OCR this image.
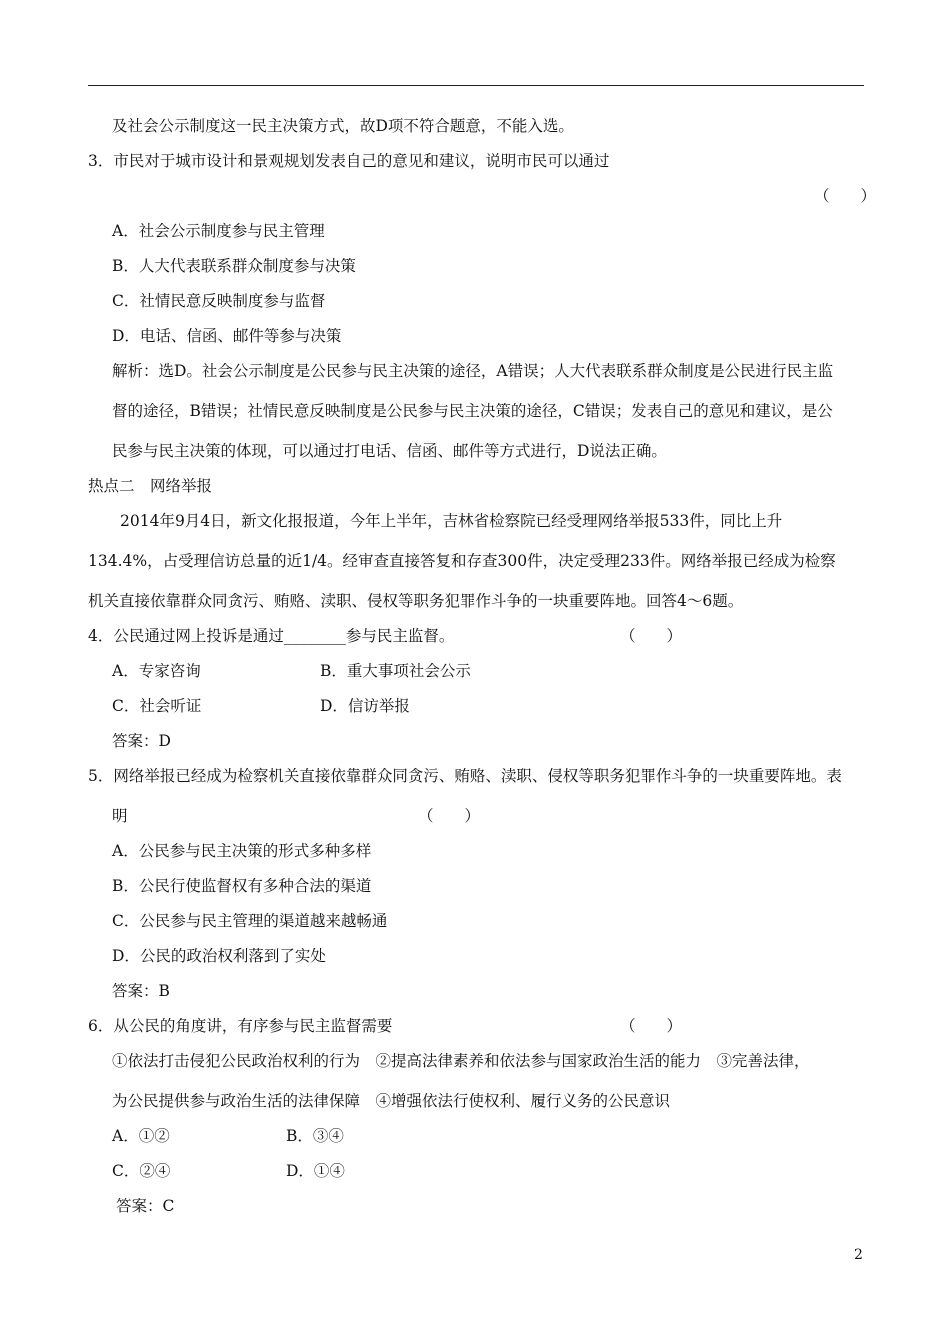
及社会公示制度这一民主决策方式，故D项不符合题意，不能入选。
3．市民对于城市设计和景观规划发表自己的意见和建议，说明市民可以通过
（　　）
A．社会公示制度参与民主管理
B．人大代表联系群众制度参与决策
C．社情民意反映制度参与监督
D．电话、信函、邮件等参与决策
解析：选D。社会公示制度是公民参与民主决策的途径，A错误；人大代表联系群众制度是公民进行民主监
督的途径，B错误；社情民意反映制度是公民参与民主决策的途径，C错误；发表自己的意见和建议，是公
民参与民主决策的体现，可以通过打电话、信函、邮件等方式进行，D说法正确。
热点二　网络举报
2014年9月4日，新文化报报道，今年上半年，吉林省检察院已经受理网络举报533件，同比上升
134.4%，占受理信访总量的近1/4。经审查直接答复和存查300件，决定受理233件。网络举报已经成为检察
机关直接依靠群众同贪污、贿赂、渎职、侵权等职务犯罪作斗争的一块重要阵地。回答4～6题。
4．公民通过网上投诉是通过________参与民主监督。	（　　）
A．专家咨询	B．重大事项社会公示
C．社会听证	D．信访举报
答案：D
5．网络举报已经成为检察机关直接依靠群众同贪污、贿赂、渎职、侵权等职务犯罪作斗争的一块重要阵地。表
明	（　　）
A．公民参与民主决策的形式多种多样
B．公民行使监督权有多种合法的渠道
C．公民参与民主管理的渠道越来越畅通
D．公民的政治权利落到了实处
答案：B
6．从公民的角度讲，有序参与民主监督需要	（　　）
①依法打击侵犯公民政治权利的行为　②提高法律素养和依法参与国家政治生活的能力　③完善法律，
为公民提供参与政治生活的法律保障　④增强依法行使权利、履行义务的公民意识
A．①②	B．③④
C．②④	D．①④
答案：C
2
